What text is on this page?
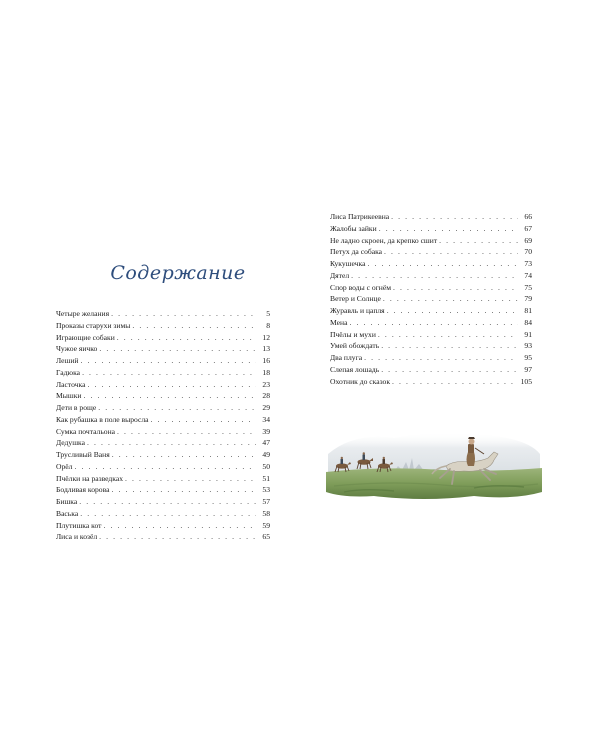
Содержание
Четыре желания . . .	5
Проказы старухи зимы . . .	8
Играющие собаки . . .	12
Чужое яичко . . .	13
Леший . . .	16
Гадюка . . .	18
Ласточка . . .	23
Мышки . . .	28
Дети в роще . . .	29
Как рубашка в поле выросла . . .	34
Сумка почтальона . . .	39
Дедушка . . .	47
Трусливый Ваня . . .	49
Орёл . . .	50
Пчёлки на разведках . . .	51
Бодливая корова . . .	53
Бишка . . .	57
Васька . . .	58
Плутишка кот . . .	59
Лиса и козёл . . .	65
Лиса Патрикеевна . . .	66
Жалобы зайки . . .	67
Не ладно скроен, да крепко сшит . . .	69
Петух да собака . . .	70
Кукушечка . . .	73
Дятел . . .	74
Спор воды с огнём . . .	75
Ветер и Солнце . . .	79
Журавль и цапля . . .	81
Мена . . .	84
Пчёлы и мухи . . .	91
Умей обождать . . .	93
Два плуга . . .	95
Слепая лошадь . . .	97
Охотник до сказок . . .	105
